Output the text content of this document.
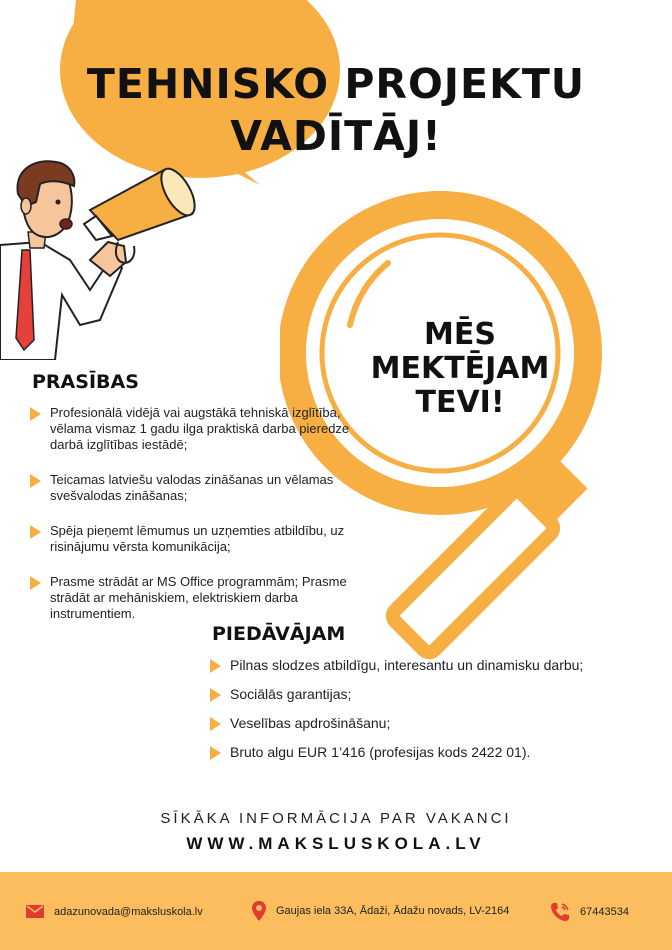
TEHNISKO PROJEKTU
VADĪTĀJ!
MĒS
MEKTĒJAM
TEVI!
PRASĪBAS
Profesionālā vidējā vai augstākā tehniskā izglītība, vēlama vismaz 1 gadu ilga praktiskā darba pieredze darbā izglītības iestādē;
Teicamas latviešu valodas zināšanas un vēlamas svešvalodas zināšanas;
Spēja pieņemt lēmumus un uzņemties atbildību, uz risinājumu vērsta komunikācija;
Prasme strādāt ar MS Office programmām; Prasme strādāt ar mehāniskiem, elektriskiem darba instrumentiem.
PIEDĀVĀJAM
Pilnas slodzes atbildīgu, interesantu un dinamisku darbu;
Sociālās garantijas;
Veselības apdrošināšanu;
Bruto algu EUR 1’416 (profesijas kods 2422 01).
SĪKĀKA INFORMĀCIJA PAR VAKANCI
WWW.MAKSLUSKOLA.LV
adazunovada@maksluskola.lv	Gaujas iela 33A, Ādaži, Ādažu novads, LV-2164	67443534
